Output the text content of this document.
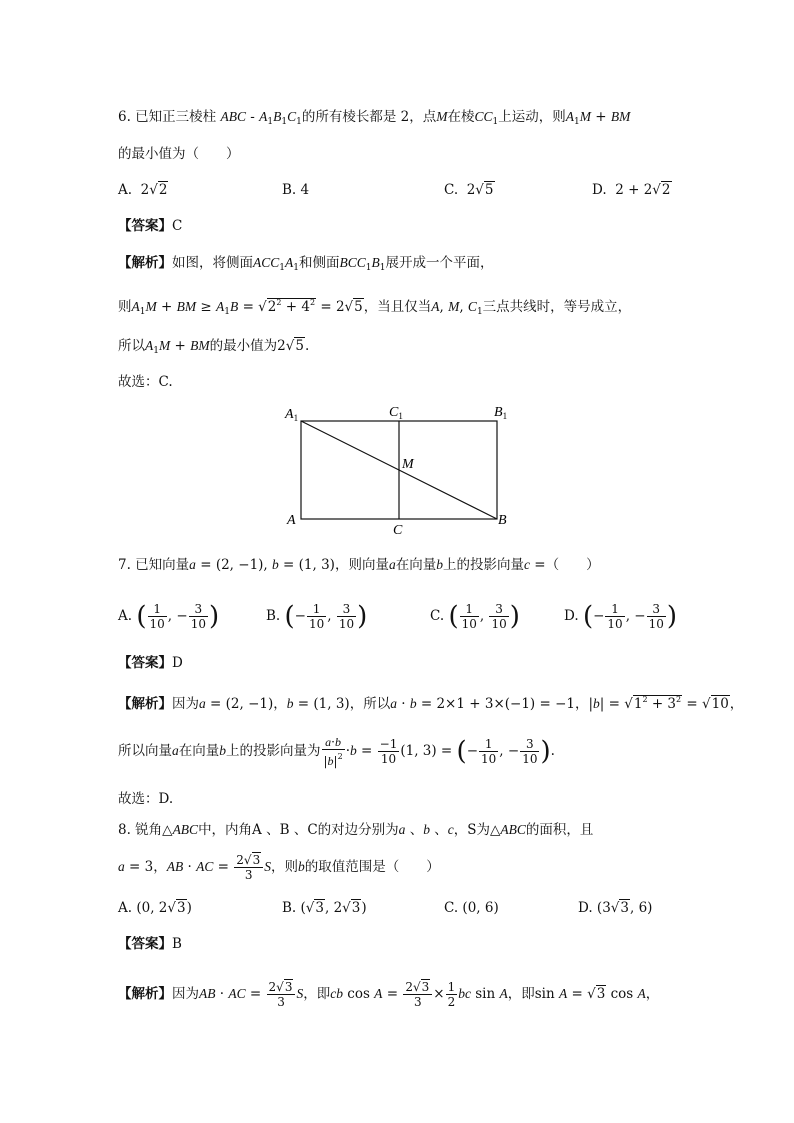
6. 已知正三棱柱 ABC - $A_1B_1C_1$的所有棱长都是 2，点M在棱$CC_1$上运动，则$A_1M$ + BM
的最小值为（　　）
A.  2√2	B. 4	C.  2√5	D.  2 + 2√2
【答案】C
【解析】如图，将侧面$ACC_1A_1$和侧面$BCC_1B_1$展开成一个平面，
则$A_1M$ + BM ≥ $A_1B = √2^2 + 4^2 = 2√5$，当且仅当A, M, $C_1$三点共线时，等号成立，
所以$A_1M$ + BM的最小值为2√5.
故选：C.
$A_1$	$C_1$	$B_1$
M
A
C
B
7. 已知向量a = (2, −1), b = (1, 3)，则向量a在向量b上的投影向量c =（　　）
A. ( $\frac{1}{10}$ , − $\frac{3}{10}$ )	B. (− $\frac{1}{10}$ , $\frac{3}{10}$ )	C. ( $\frac{1}{10}$ , $\frac{3}{10}$ )	D. (− $\frac{1}{10}$ , − $\frac{3}{10}$ )
【答案】D
【解析】因为a = (2, −1)，b = (1, 3)，所以a · b = 2×1 + 3×(−1) = −1，$|b| = √1^2 + 3^2 = √10$，
所以向量a在向量b上的投影向量为 $\frac{a\cdot b}{|b|^2} \cdot b = \frac{-1}{10} (1$, 3) = (− $\frac{1}{10}$ , − $\frac{3}{10}$ ).
故选：D.
8. 锐角△ABC中，内角A 、B 、C的对边分别为a 、b 、c，S为△ABC的面积，且
a = 3，AB · AC = $\frac{2√3}{3}$ S，则b的取值范围是（　　）
A. (0, 2√3)	B. (√3, 2√3)	C. (0, 6)	D. (3√3, 6)
【答案】B
【解析】因为AB · AC = $\frac{2√3}{3}$ S，即cb $\cos A = \frac{2√3}{3} \times \frac{1}{2}$ bc sin A，即sin A = √3 cos A，
